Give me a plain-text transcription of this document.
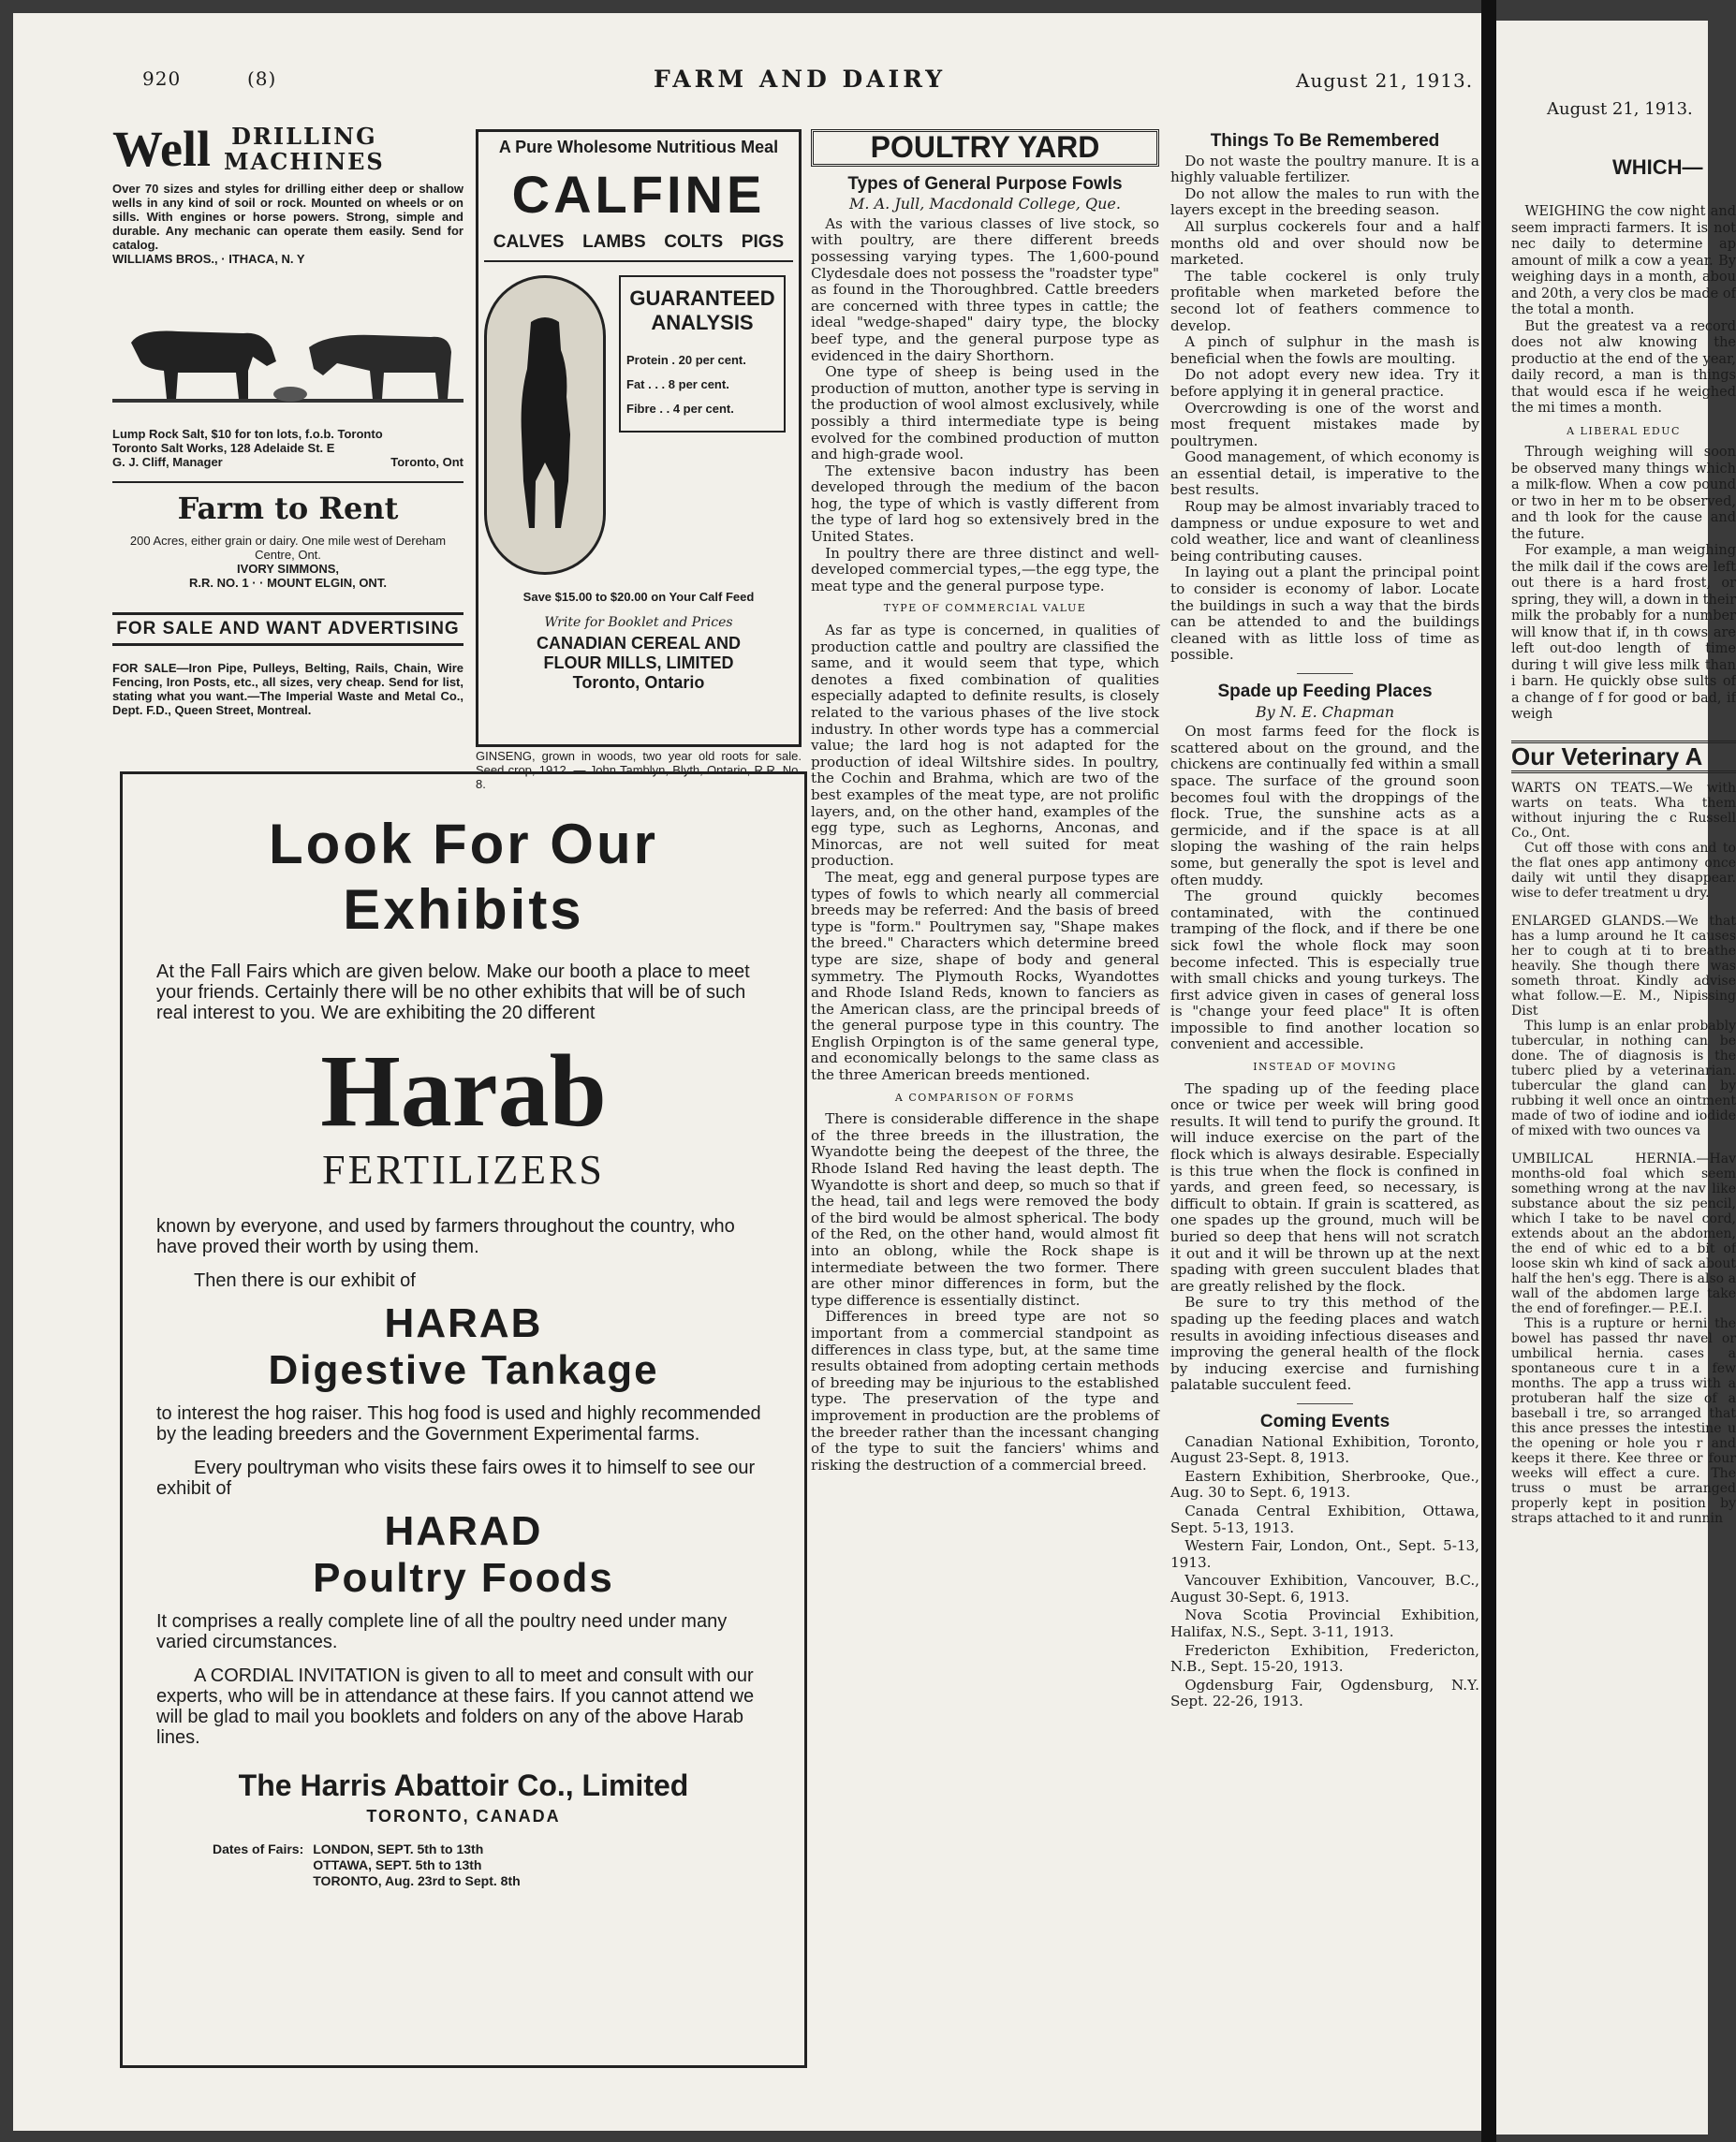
920	(8)	FARM AND DAIRY	August 21, 1913.
Well DRILLING
MACHINES
Over 70 sizes and styles for drilling either deep or shallow wells in any kind of soil or rock. Mounted on wheels or on sills. With engines or horse powers. Strong, simple and durable. Any mechanic can operate them easily. Send for catalog.
WILLIAMS BROS., · ITHACA, N. Y
Lump Rock Salt, $10 for ton lots, f.o.b. Toronto
Toronto Salt Works, 128 Adelaide St. E
G. J. Cliff, Manager	Toronto, Ont
Farm to Rent
200 Acres, either grain or dairy. One mile west of Dereham Centre, Ont.
IVORY SIMMONS,
R.R. NO. 1 · · MOUNT ELGIN, ONT.
FOR SALE AND WANT ADVERTISING
FOR SALE—Iron Pipe, Pulleys, Belting, Rails, Chain, Wire Fencing, Iron Posts, etc., all sizes, very cheap. Send for list, stating what you want.—The Imperial Waste and Metal Co., Dept. F.D., Queen Street, Montreal.
A Pure Wholesome Nutritious Meal
CALFINE
CALVES LAMBS COLTS PIGS
GUARANTEED
ANALYSIS
Protein . 20 per cent.
Fat . . . 8 per cent.
Fibre . . 4 per cent.
Save $15.00 to $20.00 on Your Calf Feed
Write for Booklet and Prices
CANADIAN CEREAL AND
FLOUR MILLS, LIMITED
Toronto, Ontario
GINSENG, grown in woods, two year old roots for sale. Seed crop, 1912. — John Tamblyn, Blyth, Ontario, R.R. No. 8.
Look For Our
Exhibits

At the Fall Fairs which are given below. Make our booth a place to meet your friends. Certainly there will be no other exhibits that will be of such real interest to you. We are exhibiting the 20 different

Harab
FERTILIZERS

known by everyone, and used by farmers throughout the country, who have proved their worth by using them.

Then there is our exhibit of

HARAB
Digestive Tankage

to interest the hog raiser. This hog food is used and highly recommended by the leading breeders and the Government Experimental farms.

Every poultryman who visits these fairs owes it to himself to see our exhibit of

HARAD
Poultry Foods

It comprises a really complete line of all the poultry need under many varied circumstances.

A CORDIAL INVITATION is given to all to meet and consult with our experts, who will be in attendance at these fairs. If you cannot attend we will be glad to mail you booklets and folders on any of the above Harab lines.

The Harris Abattoir Co., Limited
TORONTO, CANADA
Dates of Fairs: LONDON, SEPT. 5th to 13th
OTTAWA, SEPT. 5th to 13th
TORONTO, Aug. 23rd to Sept. 8th
POULTRY YARD
Types of General Purpose Fowls
M. A. Jull, Macdonald College, Que.

As with the various classes of live stock, so with poultry, are there different breeds possessing varying types. The 1,600-pound Clydesdale does not possess the "roadster type" as found in the Thoroughbred. Cattle breeders are concerned with three types in cattle; the ideal "wedge-shaped" dairy type, the blocky beef type, and the general purpose type as evidenced in the dairy Shorthorn.

One type of sheep is being used in the production of mutton, another type is serving in the production of wool almost exclusively, while possibly a third intermediate type is being evolved for the combined production of mutton and high-grade wool.

The extensive bacon industry has been developed through the medium of the bacon hog, the type of which is vastly different from the type of lard hog so extensively bred in the United States.

In poultry there are three distinct and well-developed commercial types,—the egg type, the meat type and the general purpose type.

TYPE OF COMMERCIAL VALUE

As far as type is concerned, in qualities of production cattle and poultry are classified the same, and it would seem that type, which denotes a fixed combination of qualities especially adapted to definite results, is closely related to the various phases of the live stock industry. In other words type has a commercial value; the lard hog is not adapted for the production of ideal Wiltshire sides. In poultry, the Cochin and Brahma, which are two of the best examples of the meat type, are not prolific layers, and, on the other hand, examples of the egg type, such as Leghorns, Anconas, and Minorcas, are not well suited for meat production.

The meat, egg and general purpose types are types of fowls to which nearly all commercial breeds may be referred: And the basis of breed type is "form." Poultrymen say, "Shape makes the breed." Characters which determine breed type are size, shape of body and general symmetry. The Plymouth Rocks, Wyandottes and Rhode Island Reds, known to fanciers as the American class, are the principal breeds of the general purpose type in this country. The English Orpington is of the same general type, and economically belongs to the same class as the three American breeds mentioned.

A COMPARISON OF FORMS

There is considerable difference in the shape of the three breeds in the illustration, the Wyandotte being the deepest of the three, the Rhode Island Red having the least depth. The Wyandotte is short and deep, so much so that if the head, tail and legs were removed the body of the bird would be almost spherical. The body of the Red, on the other hand, would almost fit into an oblong, while the Rock shape is intermediate between the two former. There are other minor differences in form, but the type difference is essentially distinct.

Differences in breed type are not so important from a commercial standpoint as differences in class type, but, at the same time results obtained from adopting certain methods of breeding may be injurious to the established type. The preservation of the type and improvement in production are the problems of the breeder rather than the incessant changing of the type to suit the fanciers' whims and risking the destruction of a commercial breed.

Things To Be Remembered

Do not waste the poultry manure. It is a highly valuable fertilizer.

Do not allow the males to run with the layers except in the breeding season.

All surplus cockerels four and a half months old and over should now be marketed.

The table cockerel is only truly profitable when marketed before the second lot of feathers commence to develop.

A pinch of sulphur in the mash is beneficial when the fowls are moulting.

Do not adopt every new idea. Try it before applying it in general practice.

Overcrowding is one of the worst and most frequent mistakes made by poultrymen.

Good management, of which economy is an essential detail, is imperative to the best results.

Roup may be almost invariably traced to dampness or undue exposure to wet and cold weather, lice and want of cleanliness being contributing causes.

In laying out a plant the principal point to consider is economy of labor. Locate the buildings in such a way that the birds can be attended to and the buildings cleaned with as little loss of time as possible.

Spade up Feeding Places
By N. E. Chapman

On most farms feed for the flock is scattered about on the ground, and the chickens are continually fed within a small space. The surface of the ground soon becomes foul with the droppings of the flock. True, the sunshine acts as a germicide, and if the space is at all sloping the washing of the rain helps some, but generally the spot is level and often muddy.

The ground quickly becomes contaminated, with the continued tramping of the flock, and if there be one sick fowl the whole flock may soon become infected. This is especially true with small chicks and young turkeys. The first advice given in cases of general loss is "change your feed place" It is often impossible to find another location so convenient and accessible.

INSTEAD OF MOVING

The spading up of the feeding place once or twice per week will bring good results. It will tend to purify the ground. It will induce exercise on the part of the flock which is always desirable. Especially is this true when the flock is confined in yards, and green feed, so necessary, is difficult to obtain. If grain is scattered, as one spades up the ground, much will be buried so deep that hens will not scratch it out and it will be thrown up at the next spading with green succulent blades that are greatly relished by the flock.

Be sure to try this method of the spading up the feeding places and watch results in avoiding infectious diseases and improving the general health of the flock by inducing exercise and furnishing palatable succulent feed.

Coming Events

Canadian National Exhibition, Toronto, August 23-Sept. 8, 1913.

Eastern Exhibition, Sherbrooke, Que., Aug. 30 to Sept. 6, 1913.

Canada Central Exhibition, Ottawa, Sept. 5-13, 1913.

Western Fair, London, Ont., Sept. 5-13, 1913.

Vancouver Exhibition, Vancouver, B.C., August 30-Sept. 6, 1913.

Nova Scotia Provincial Exhibition, Halifax, N.S., Sept. 3-11, 1913.

Fredericton Exhibition, Fredericton, N.B., Sept. 15-20, 1913.

Ogdensburg Fair, Ogdensburg, N.Y. Sept. 22-26, 1913.

August 21, 1913.
WHICH—

WEIGHING the cow night and seem impracti farmers. It is not nec daily to determine ap amount of milk a cow a year. By weighing days in a month, abou and 20th, a very clos be made of the total a month.

But the greatest va a record does not alw knowing the productio at the end of the year, daily record, a man is things that would esca if he weighed the mi times a month.

A LIBERAL EDUC

Through weighing will soon be observed many things which a milk-flow. When a cow pound or two in her m to be observed, and th look for the cause and the future.

For example, a man weighing the milk dail if the cows are left out there is a hard frost, or spring, they will, a down in their milk the probably for a number will know that if, in th cows are left out-doo length of time during t will give less milk than i barn. He quickly obse sults of a change of f for good or bad, if weigh

Our Veterinary A
WARTS ON TEATS.—We with warts on teats. Wha them without injuring the c Russell Co., Ont.
Cut off those with cons and to the flat ones app antimony once daily wit until they disappear. wise to defer treatment u dry.
ENLARGED GLANDS.—We that has a lump around he It causes her to cough at ti to breathe heavily. She though there was someth throat. Kindly advise what follow.—E. M., Nipissing Dist
This lump is an enlar probably tubercular, in nothing can be done. The of diagnosis is the tuberc plied by a veterinarian. tubercular the gland can by rubbing it well once an ointment made of two of iodine and iodide of mixed with two ounces va
UMBILICAL HERNIA.—Hav months-old foal which seem something wrong at the nav like substance about the siz pencil, which I take to be navel cord, extends about an the abdomen, the end of whic ed to a bit of loose skin wh kind of sack about half the hen's egg. There is also a wall of the abdomen large take the end of forefinger.— P.E.I.
This is a rupture or herni the bowel has passed thr navel or umbilical hernia. cases a spontaneous cure t in a few months. The app a truss with a protuberan half the size of a baseball i tre, so arranged that this ance presses the intestine u the opening or hole you r and keeps it there. Kee three or four weeks will effect a cure. The truss o must be arranged properly kept in position by straps attached to it and runnin
